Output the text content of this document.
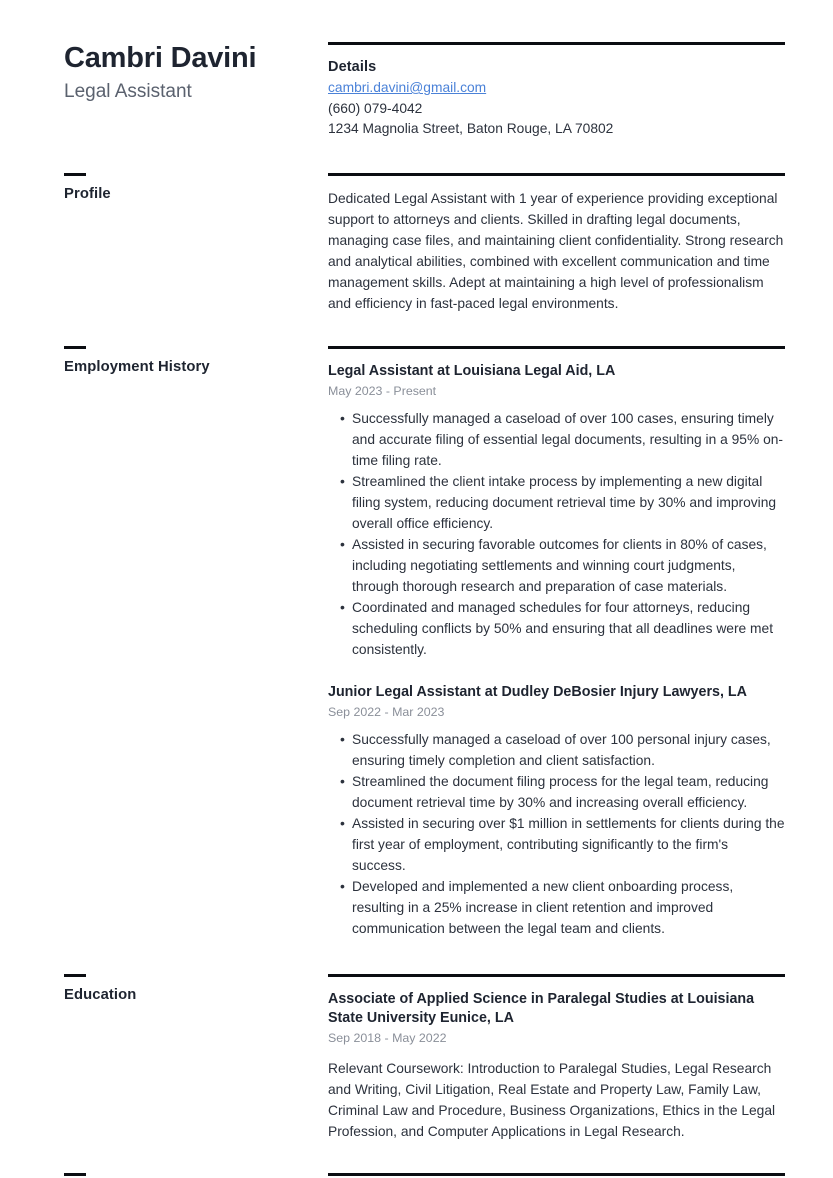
Cambri Davini
Legal Assistant
Details
cambri.davini@gmail.com
(660) 079-4042
1234 Magnolia Street, Baton Rouge, LA 70802
Profile	Dedicated Legal Assistant with 1 year of experience providing exceptional support to attorneys and clients. Skilled in drafting legal documents, managing case files, and maintaining client confidentiality. Strong research and analytical abilities, combined with excellent communication and time management skills. Adept at maintaining a high level of professionalism and efficiency in fast-paced legal environments.

Employment History	Legal Assistant at Louisiana Legal Aid, LA
May 2023 - Present
• Successfully managed a caseload of over 100 cases, ensuring timely and accurate filing of essential legal documents, resulting in a 95% on-time filing rate.
• Streamlined the client intake process by implementing a new digital filing system, reducing document retrieval time by 30% and improving overall office efficiency.
• Assisted in securing favorable outcomes for clients in 80% of cases, including negotiating settlements and winning court judgments, through thorough research and preparation of case materials.
• Coordinated and managed schedules for four attorneys, reducing scheduling conflicts by 50% and ensuring that all deadlines were met consistently.
Junior Legal Assistant at Dudley DeBosier Injury Lawyers, LA
Sep 2022 - Mar 2023
• Successfully managed a caseload of over 100 personal injury cases, ensuring timely completion and client satisfaction.
• Streamlined the document filing process for the legal team, reducing document retrieval time by 30% and increasing overall efficiency.
• Assisted in securing over $1 million in settlements for clients during the first year of employment, contributing significantly to the firm's success.
• Developed and implemented a new client onboarding process, resulting in a 25% increase in client retention and improved communication between the legal team and clients.
Education	Associate of Applied Science in Paralegal Studies at Louisiana State University Eunice, LA
Sep 2018 - May 2022

Relevant Coursework: Introduction to Paralegal Studies, Legal Research and Writing, Civil Litigation, Real Estate and Property Law, Family Law, Criminal Law and Procedure, Business Organizations, Ethics in the Legal Profession, and Computer Applications in Legal Research.
